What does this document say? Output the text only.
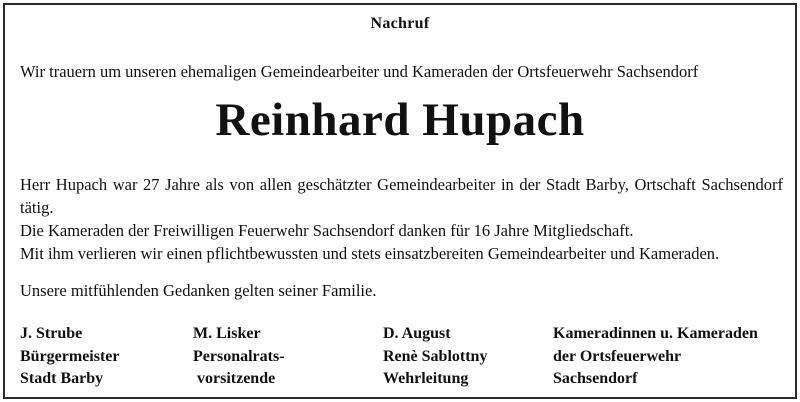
Nachruf
Wir trauern um unseren ehemaligen Gemeindearbeiter und Kameraden der Ortsfeuerwehr Sachsendorf
Reinhard Hupach

Herr Hupach war 27 Jahre als von allen geschätzter Gemeindearbeiter in der Stadt Barby, Ortschaft Sachsendorf tätig.

Die Kameraden der Freiwilligen Feuerwehr Sachsendorf danken für 16 Jahre Mitgliedschaft.

Mit ihm verlieren wir einen pflichtbewussten und stets einsatzbereiten Gemeindearbeiter und Kameraden.

Unsere mitfühlenden Gedanken gelten seiner Familie.
J. Strube
Bürgermeister
Stadt Barby
M. Lisker
Personalrats-
vorsitzende
D. August
Renè Sablottny
Wehrleitung
Kameradinnen u. Kameraden
der Ortsfeuerwehr
Sachsendorf
